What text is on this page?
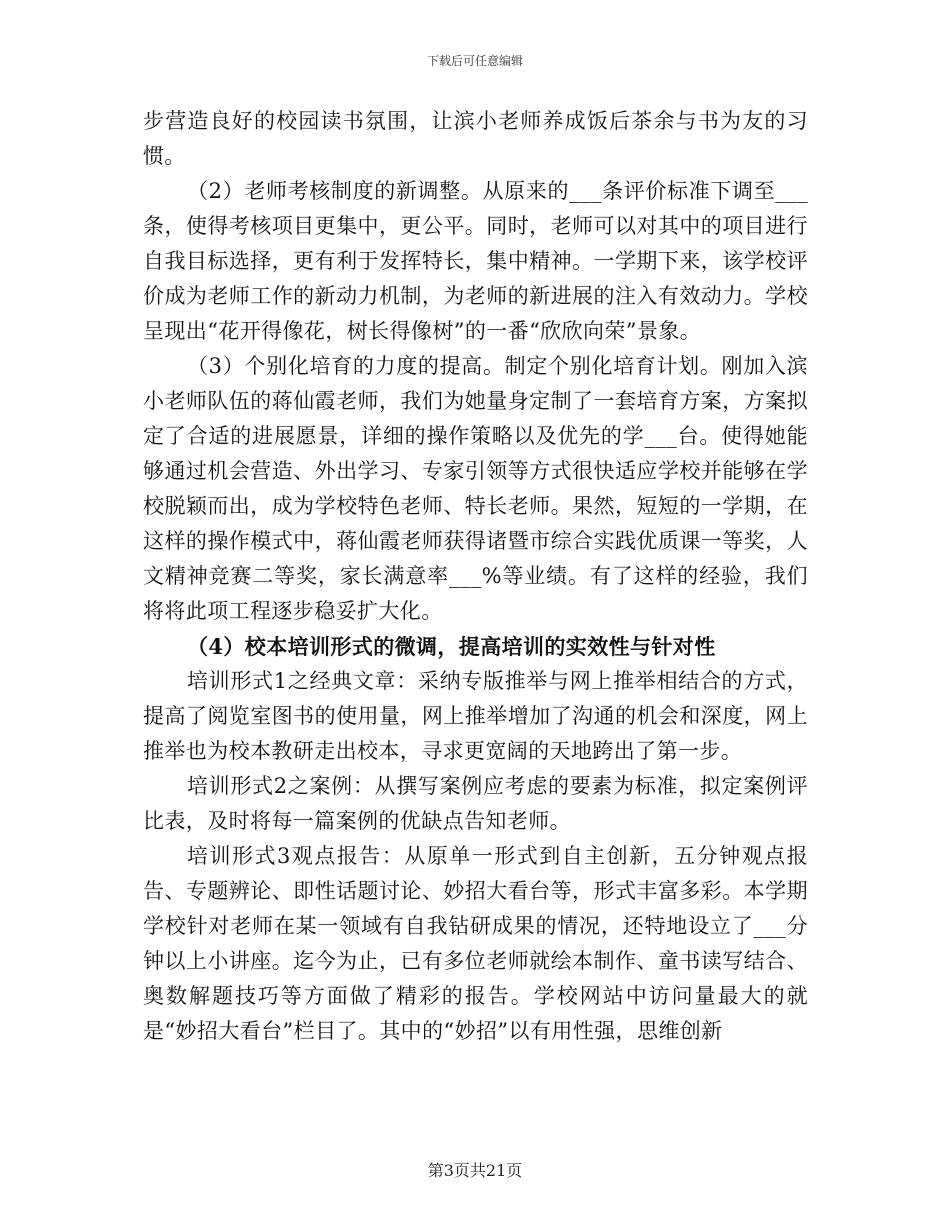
下载后可任意编辑

步营造良好的校园读书氛围，让滨小老师养成饭后茶余与书为友的习惯。

（2）老师考核制度的新调整。从原来的___条评价标准下调至___条，使得考核项目更集中，更公平。同时，老师可以对其中的项目进行自我目标选择，更有利于发挥特长，集中精神。一学期下来，该学校评价成为老师工作的新动力机制，为老师的新进展的注入有效动力。学校呈现出“花开得像花，树长得像树”的一番“欣欣向荣”景象。

（3）个别化培育的力度的提高。制定个别化培育计划。刚加入滨小老师队伍的蒋仙霞老师，我们为她量身定制了一套培育方案，方案拟定了合适的进展愿景，详细的操作策略以及优先的学___台。使得她能够通过机会营造、外出学习、专家引领等方式很快适应学校并能够在学校脱颖而出，成为学校特色老师、特长老师。果然，短短的一学期，在这样的操作模式中，蒋仙霞老师获得诸暨市综合实践优质课一等奖，人文精神竞赛二等奖，家长满意率___%等业绩。有了这样的经验，我们将将此项工程逐步稳妥扩大化。

（4）校本培训形式的微调，提高培训的实效性与针对性

培训形式1之经典文章：采纳专版推举与网上推举相结合的方式，提高了阅览室图书的使用量，网上推举增加了沟通的机会和深度，网上推举也为校本教研走出校本，寻求更宽阔的天地跨出了第一步。

培训形式2之案例：从撰写案例应考虑的要素为标准，拟定案例评比表，及时将每一篇案例的优缺点告知老师。

培训形式3观点报告：从原单一形式到自主创新，五分钟观点报告、专题辨论、即性话题讨论、妙招大看台等，形式丰富多彩。本学期学校针对老师在某一领域有自我钻研成果的情况，还特地设立了___分钟以上小讲座。迄今为止，已有多位老师就绘本制作、童书读写结合、奥数解题技巧等方面做了精彩的报告。学校网站中访问量最大的就是“妙招大看台”栏目了。其中的“妙招”以有用性强，思维创新

第3页共21页
